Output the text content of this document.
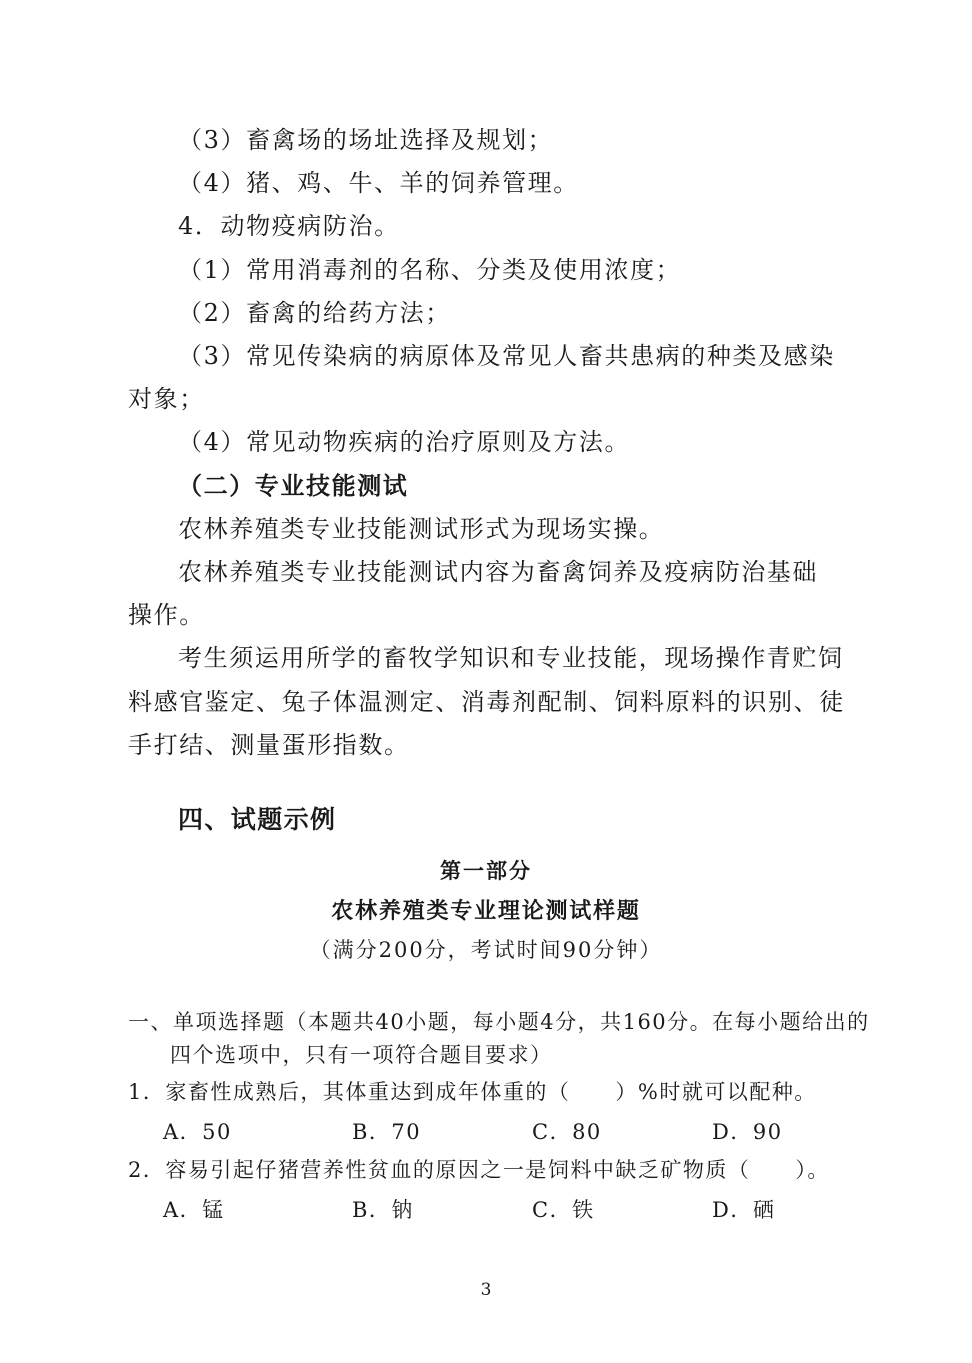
（3）畜禽场的场址选择及规划；
（4）猪、鸡、牛、羊的饲养管理。
4．动物疫病防治。
（1）常用消毒剂的名称、分类及使用浓度；
（2）畜禽的给药方法；
（3）常见传染病的病原体及常见人畜共患病的种类及感染
对象；
（4）常见动物疾病的治疗原则及方法。
（二）专业技能测试
农林养殖类专业技能测试形式为现场实操。
农林养殖类专业技能测试内容为畜禽饲养及疫病防治基础
操作。
考生须运用所学的畜牧学知识和专业技能，现场操作青贮饲
料感官鉴定、兔子体温测定、消毒剂配制、饲料原料的识别、徒
手打结、测量蛋形指数。
四、试题示例
第一部分
农林养殖类专业理论测试样题
（满分200分，考试时间90分钟）
一、单项选择题（本题共40小题，每小题4分，共160分。在每小题给出的
四个选项中，只有一项符合题目要求）
1．家畜性成熟后，其体重达到成年体重的（　　）%时就可以配种。
A．50	B．70	C．80	D．90
2．容易引起仔猪营养性贫血的原因之一是饲料中缺乏矿物质（　　）。
A．锰	B．钠	C．铁	D．硒
3
